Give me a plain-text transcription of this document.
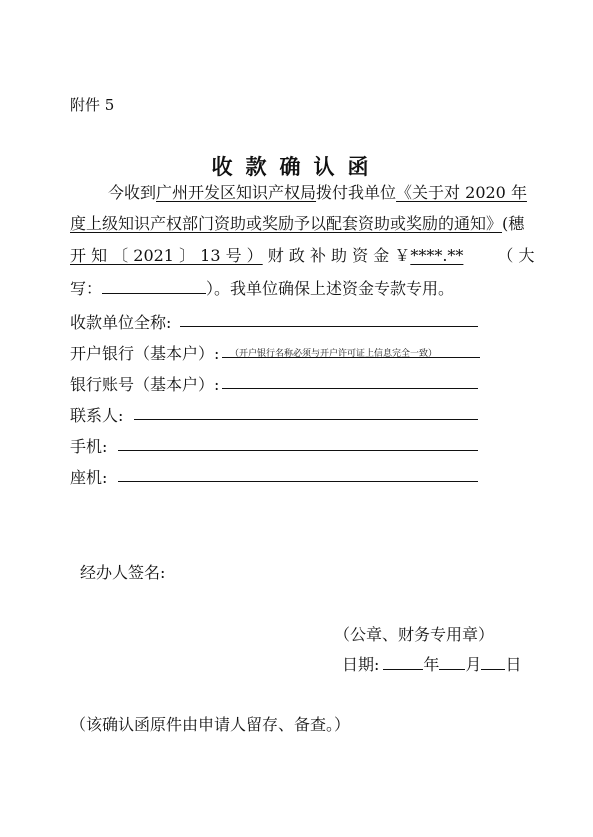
附件 5
收款确认函
今收到广州开发区知识产权局拨付我单位《关于对 2020 年
度上级知识产权部门资助或奖励予以配套资助或奖励的通知》(穗
开 知 〔 2021 〕 13 号 ） 财 政 补 助 资 金 ￥****.** （ 大
写：	）。我单位确保上述资金专款专用。
收款单位全称:
开户银行（基本户）: （开户银行名称必须与开户许可证上信息完全一致）
银行账号（基本户）:
联系人:
手机:
座机:
经办人签名:
（公章、财务专用章）
日期:	年 月 日
（该确认函原件由申请人留存、备查。）
